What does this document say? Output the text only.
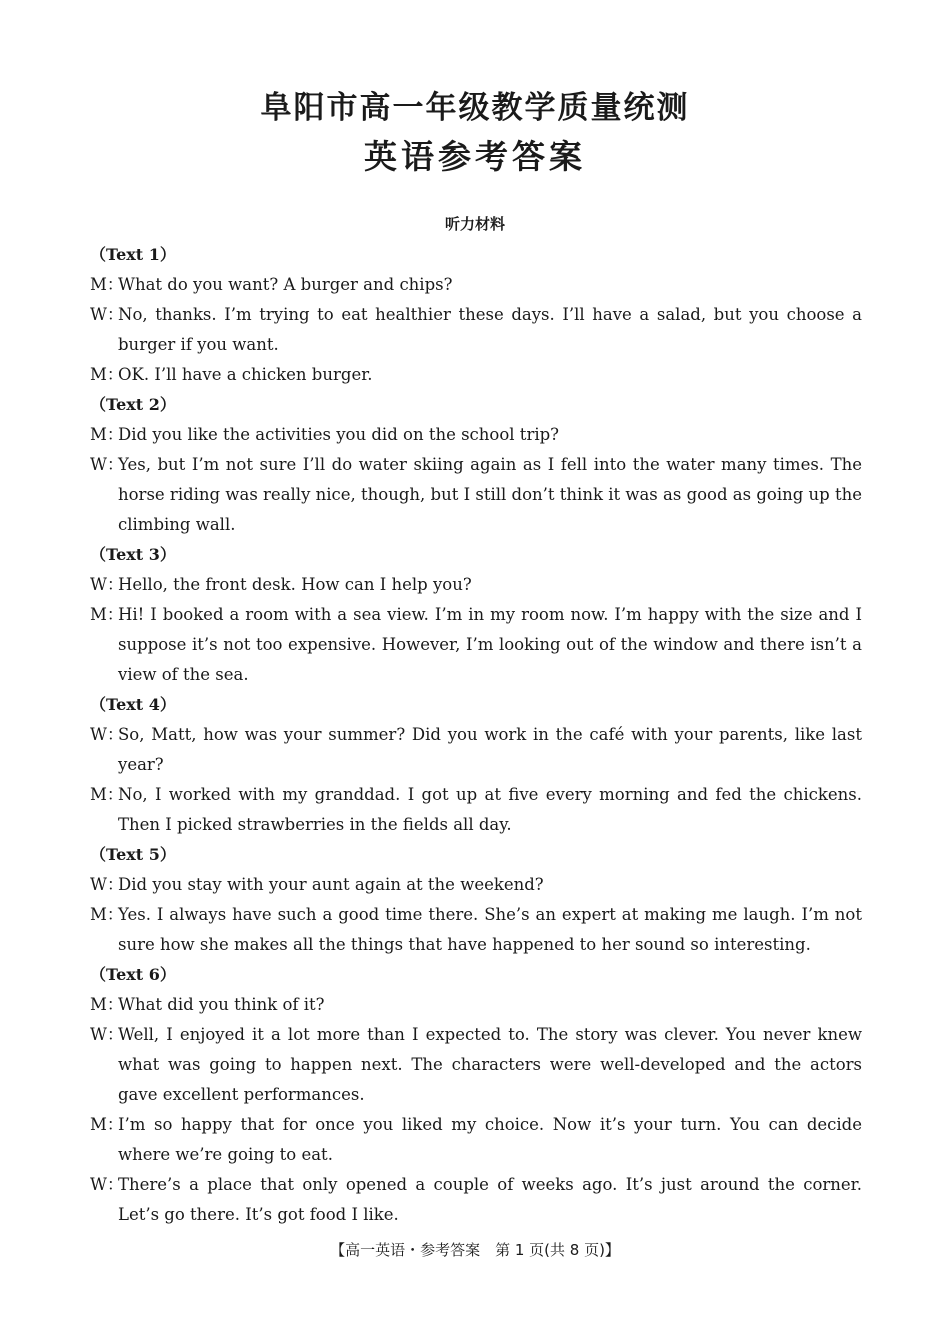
阜阳市高一年级教学质量统测
英语参考答案
听力材料
（Text 1）
M：
What do you want? A burger and chips?
W：
No, thanks. I’m trying to eat healthier these days. I’ll have a salad, but you choose a burger if you want.
M：
OK. I’ll have a chicken burger.
（Text 2）
M：
Did you like the activities you did on the school trip?
W：
Yes, but I’m not sure I’ll do water skiing again as I fell into the water many times. The horse riding was really nice, though, but I still don’t think it was as good as going up the climbing wall.
（Text 3）
W：
Hello, the front desk. How can I help you?
M：
Hi! I booked a room with a sea view. I’m in my room now. I’m happy with the size and I suppose it’s not too expensive. However, I’m looking out of the window and there isn’t a view of the sea.
（Text 4）
W：
So, Matt, how was your summer? Did you work in the café with your parents, like last year?
M：
No, I worked with my granddad. I got up at five every morning and fed the chickens. Then I picked strawberries in the fields all day.
（Text 5）
W：
Did you stay with your aunt again at the weekend?
M：
Yes. I always have such a good time there. She’s an expert at making me laugh. I’m not sure how she makes all the things that have happened to her sound so interesting.
（Text 6）
M：
What did you think of it?
W：
Well, I enjoyed it a lot more than I expected to. The story was clever. You never knew what was going to happen next. The characters were well-developed and the actors gave excellent performances.
M：
I’m so happy that for once you liked my choice. Now it’s your turn. You can decide where we’re going to eat.
W：
There’s a place that only opened a couple of weeks ago. It’s just around the corner. Let’s go there. It’s got food I like.
【高一英语・参考答案　第 1 页(共 8 页)】
